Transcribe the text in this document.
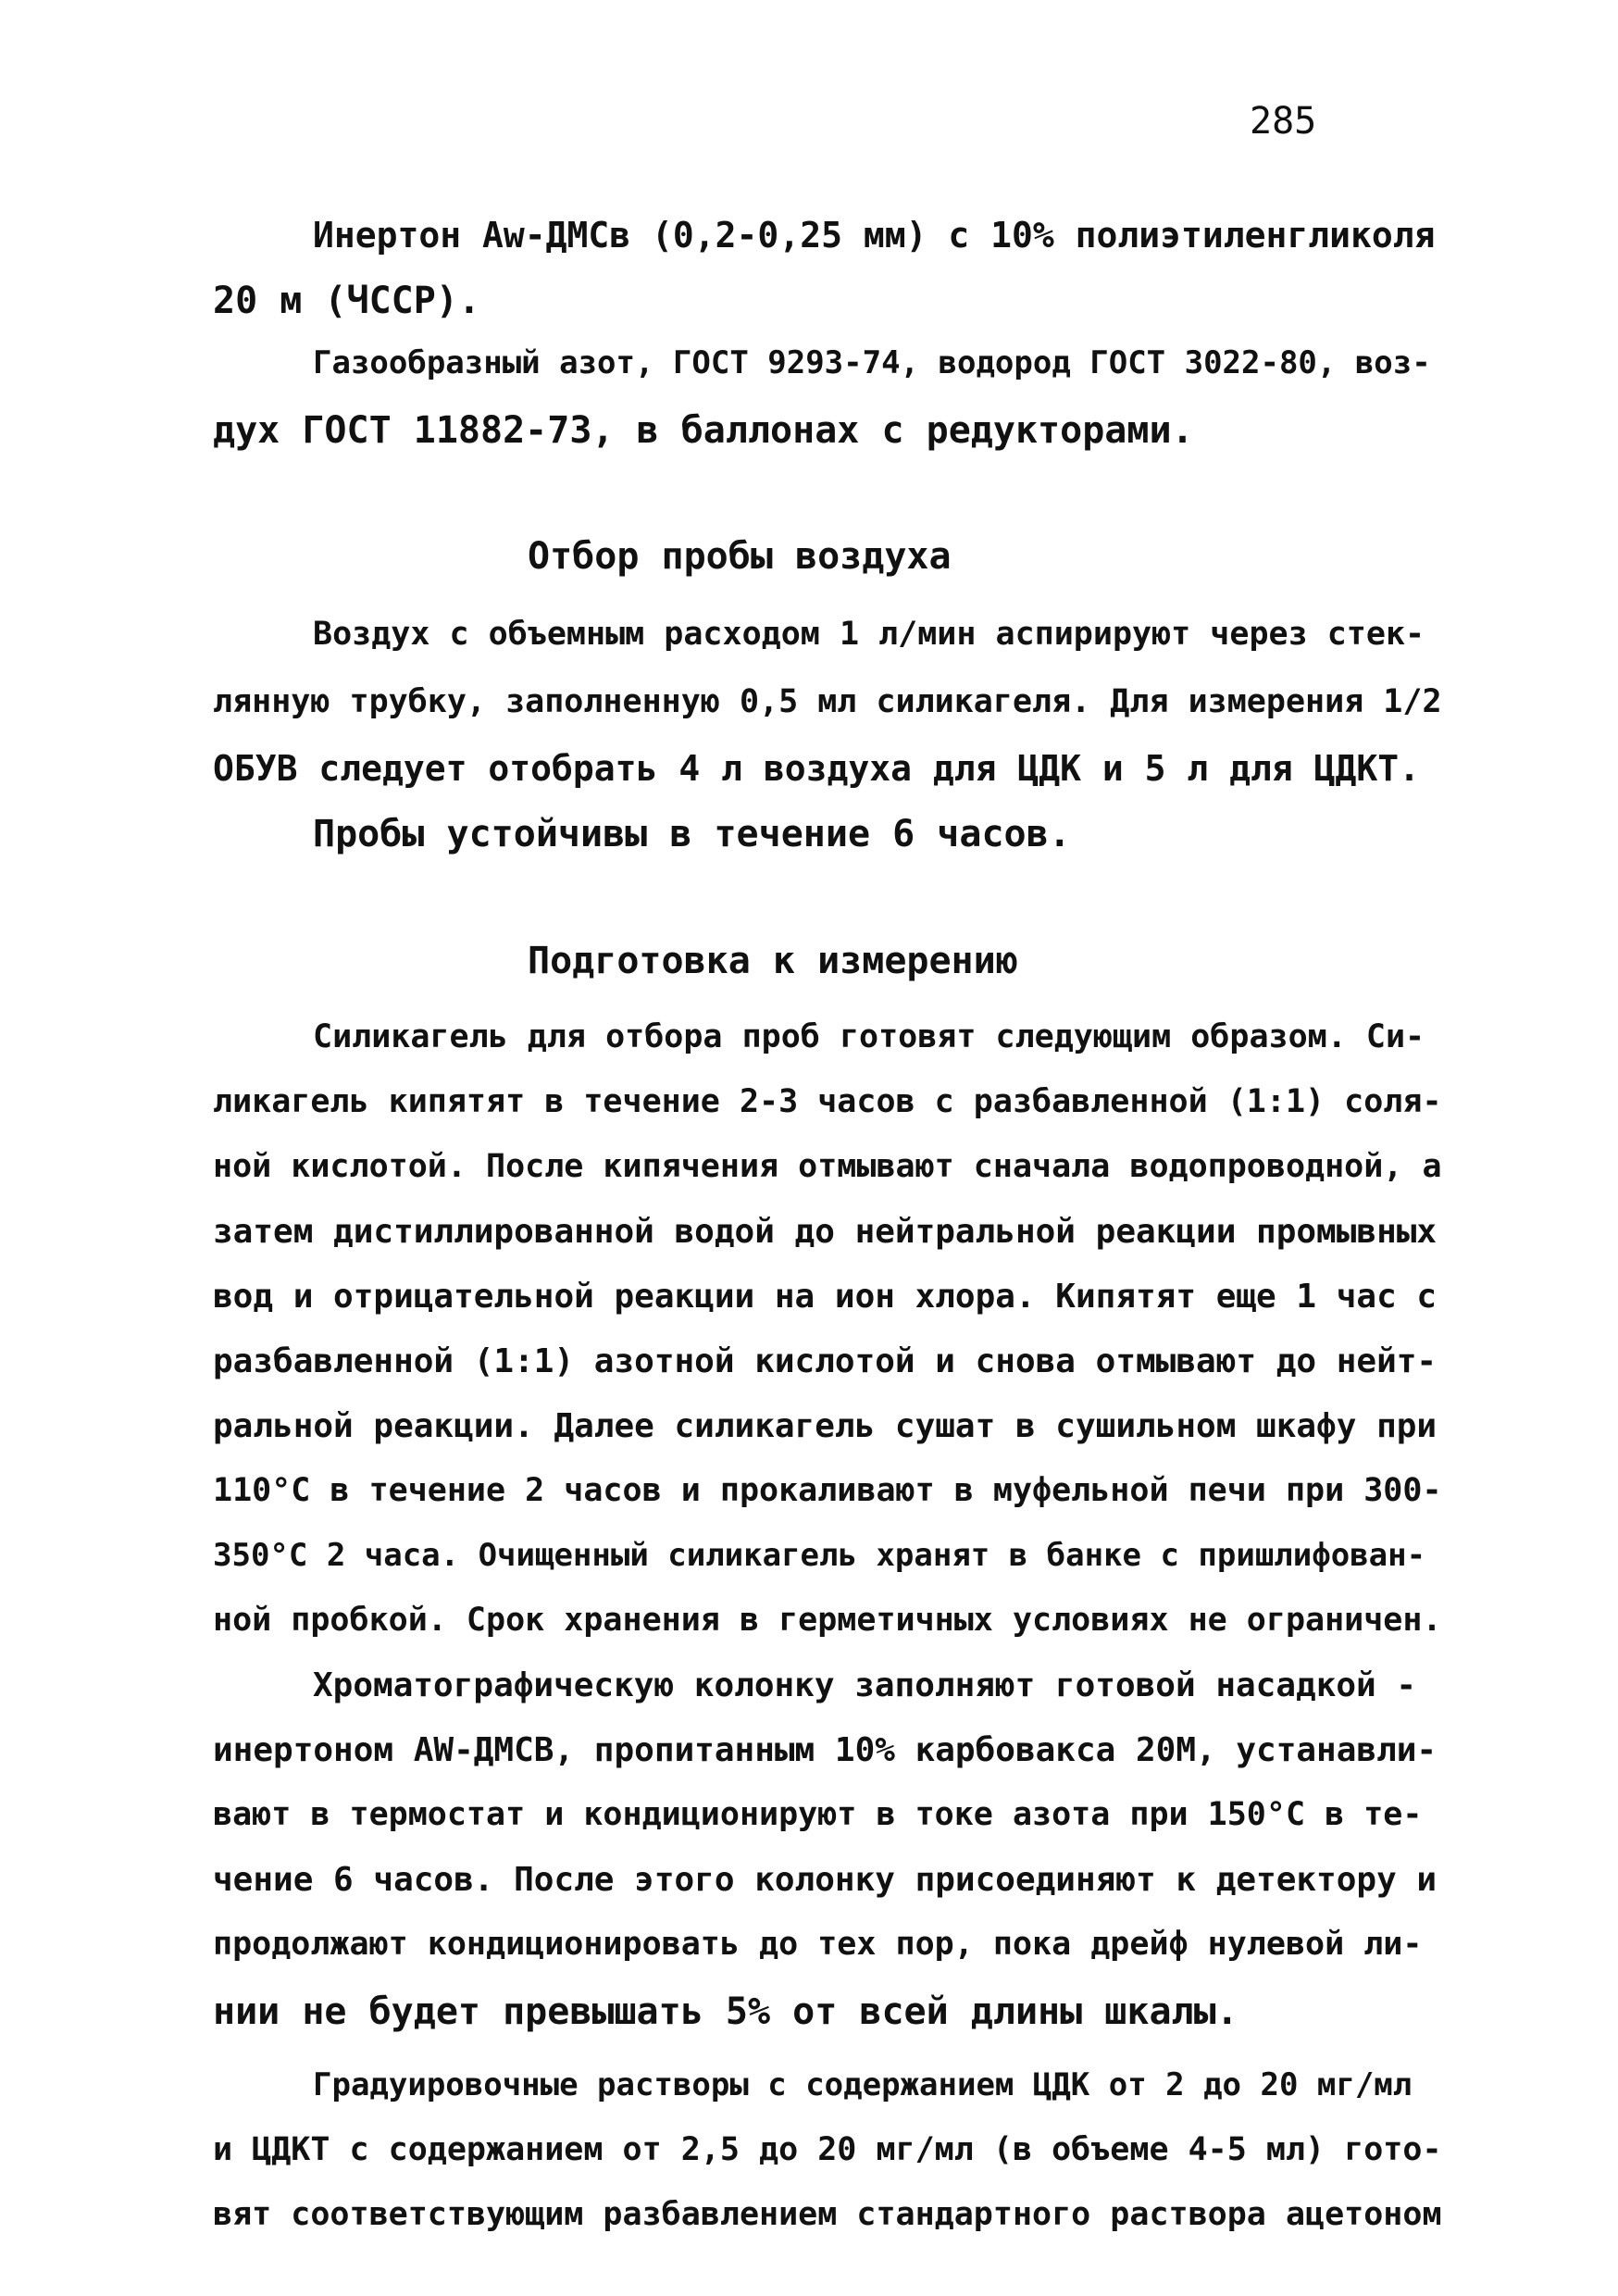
285
Инертон Aw-ДМСв (0,2-0,25 мм) с 10% полиэтиленгликоля
20 м (ЧССР).
Газообразный азот, ГОСТ 9293-74, водород ГОСТ 3022-80, воз-
дух ГОСТ 11882-73, в баллонах с редукторами.
Отбор пробы воздуха
Воздух с объемным расходом 1 л/мин аспирируют через стек-
лянную трубку, заполненную 0,5 мл силикагеля. Для измерения 1/2
ОБУВ следует отобрать 4 л воздуха для ЦДК и 5 л для ЦДКТ.
Пробы устойчивы в течение 6 часов.
Подготовка к измерению
Силикагель для отбора проб готовят следующим образом. Си-
ликагель кипятят в течение 2-3 часов с разбавленной (1:1) соля-
ной кислотой. После кипячения отмывают сначала водопроводной, а
затем дистиллированной водой до нейтральной реакции промывных
вод и отрицательной реакции на ион хлора. Кипятят еще 1 час с
разбавленной (1:1) азотной кислотой и снова отмывают до нейт-
ральной реакции. Далее силикагель сушат в сушильном шкафу при
110°С в течение 2 часов и прокаливают в муфельной печи при 300-
350°С 2 часа. Очищенный силикагель хранят в банке с пришлифован-
ной пробкой. Срок хранения в герметичных условиях не ограничен.
Хроматографическую колонку заполняют готовой насадкой -
инертоном AW-ДМСВ, пропитанным 10% карбовакса 20М, устанавли-
вают в термостат и кондиционируют в токе азота при 150°С в те-
чение 6 часов. После этого колонку присоединяют к детектору и
продолжают кондиционировать до тех пор, пока дрейф нулевой ли-
нии не будет превышать 5% от всей длины шкалы.
Градуировочные растворы с содержанием ЦДК от 2 до 20 мг/мл
и ЦДКТ с содержанием от 2,5 до 20 мг/мл (в объеме 4-5 мл) гото-
вят соответствующим разбавлением стандартного раствора ацетоном
